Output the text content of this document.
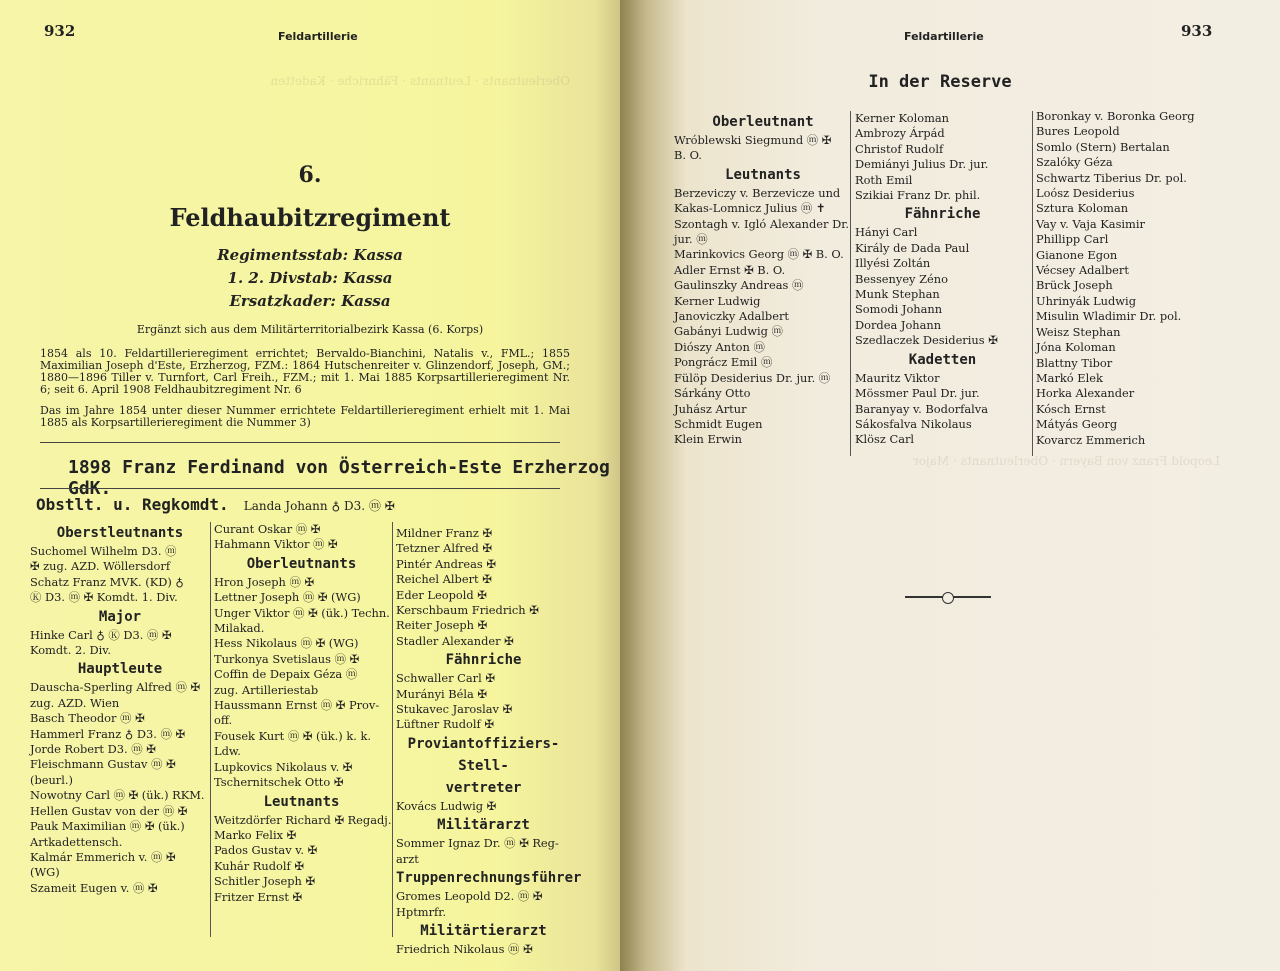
Oberleutnants · Leutnants · Fähnriche · Kadetten
932	Feldartillerie
6.
Feldhaubitzregiment
Regimentsstab: Kassa
1. 2. Divstab: Kassa
Ersatzkader: Kassa
Ergänzt sich aus dem Militärterritorialbezirk Kassa (6. Korps)
1854 als 10. Feldartillerieregiment errichtet; Bervaldo-Bianchini, Natalis v., FML.; 1855 Maximilian Joseph d'Este, Erzherzog, FZM.: 1864 Hutschenreiter v. Glinzendorf, Joseph, GM.; 1880—1896 Tiller v. Turnfort, Carl Freih., FZM.; mit 1. Mai 1885 Korpsartillerieregiment Nr. 6; seit 6. April 1908 Feldhaubitzregiment Nr. 6
Das im Jahre 1854 unter dieser Nummer errichtete Feldartillerieregiment erhielt mit 1. Mai 1885 als Korpsartillerieregiment die Nummer 3)
1898 Franz Ferdinand von Österreich-Este Erzherzog GdK.
Obstlt. u. Regkomdt. Landa Johann ♁ D3. ⓜ ✠
Oberstleutnants
Suchomel Wilhelm D3. ⓜ
✠ zug. AZD. Wöllersdorf
Schatz Franz MVK. (KD) ♁
Ⓚ D3. ⓜ ✠ Komdt. 1. Div.
Major
Hinke Carl ♁ Ⓚ D3. ⓜ ✠
Komdt. 2. Div.
Hauptleute
Dauscha-Sperling Alfred ⓜ ✠
zug. AZD. Wien
Basch Theodor ⓜ ✠
Hammerl Franz ♁ D3. ⓜ ✠
Jorde Robert D3. ⓜ ✠
Fleischmann Gustav ⓜ ✠
(beurl.)
Nowotny Carl ⓜ ✠ (ük.) RKM.
Hellen Gustav von der ⓜ ✠
Pauk Maximilian ⓜ ✠ (ük.)
Artkadettensch.
Kalmár Emmerich v. ⓜ ✠
(WG)
Szameit Eugen v. ⓜ ✠
Curant Oskar ⓜ ✠
Hahmann Viktor ⓜ ✠
Oberleutnants
Hron Joseph ⓜ ✠
Lettner Joseph ⓜ ✠ (WG)
Unger Viktor ⓜ ✠ (ük.) Techn.
Milakad.
Hess Nikolaus ⓜ ✠ (WG)
Turkonya Svetislaus ⓜ ✠
Coffin de Depaix Géza ⓜ
zug. Artilleriestab
Haussmann Ernst ⓜ ✠ Prov-
off.
Fousek Kurt ⓜ ✠ (ük.) k. k.
Ldw.
Lupkovics Nikolaus v. ✠
Tschernitschek Otto ✠
Leutnants
Weitzdörfer Richard ✠ Regadj.
Marko Felix ✠
Pados Gustav v. ✠
Kuhár Rudolf ✠
Schitler Joseph ✠
Fritzer Ernst ✠
Mildner Franz ✠
Tetzner Alfred ✠
Pintér Andreas ✠
Reichel Albert ✠
Eder Leopold ✠
Kerschbaum Friedrich ✠
Reiter Joseph ✠
Stadler Alexander ✠
Fähnriche
Schwaller Carl ✠
Murányi Béla ✠
Stukavec Jaroslav ✠
Lüftner Rudolf ✠
Proviantoffiziers-Stell-
vertreter
Kovács Ludwig ✠
Militärarzt
Sommer Ignaz Dr. ⓜ ✠ Reg-
arzt
Truppenrechnungsführer
Gromes Leopold D2. ⓜ ✠
Hptmrfr.
Militärtierarzt
Friedrich Nikolaus ⓜ ✠
Leopold Franz von Bayern · Oberleutnants · Major
Feldartillerie	933
In der Reserve
Oberleutnant
Wróblewski Siegmund ⓜ ✠
B. O.
Leutnants
Berzeviczy v. Berzevicze und
Kakas-Lomnicz Julius ⓜ ✝
Szontagh v. Igló Alexander Dr.
jur. ⓜ
Marinkovics Georg ⓜ ✠ B. O.
Adler Ernst ✠ B. O.
Gaulinszky Andreas ⓜ
Kerner Ludwig
Janoviczky Adalbert
Gabányi Ludwig ⓜ
Diószy Anton ⓜ
Pongrácz Emil ⓜ
Fülöp Desiderius Dr. jur. ⓜ
Sárkány Otto
Juhász Artur
Schmidt Eugen
Klein Erwin
Kerner Koloman
Ambrozy Árpád
Christof Rudolf
Demiányi Julius Dr. jur.
Roth Emil
Szikiai Franz Dr. phil.
Fähnriche
Hányi Carl
Király de Dada Paul
Illyési Zoltán
Bessenyey Zéno
Munk Stephan
Somodi Johann
Dordea Johann
Szedlaczek Desiderius ✠
Kadetten
Mauritz Viktor
Mössmer Paul Dr. jur.
Baranyay v. Bodorfalva
Sákosfalva Nikolaus
Klösz Carl
Boronkay v. Boronka Georg
Bures Leopold
Somlo (Stern) Bertalan
Szalóky Géza
Schwartz Tiberius Dr. pol.
Loósz Desiderius
Sztura Koloman
Vay v. Vaja Kasimir
Phillipp Carl
Gianone Egon
Vécsey Adalbert
Brück Joseph
Uhrinyák Ludwig
Misulin Wladimir Dr. pol.
Weisz Stephan
Jóna Koloman
Blattny Tibor
Markó Elek
Horka Alexander
Kósch Ernst
Mátyás Georg
Kovarcz Emmerich
